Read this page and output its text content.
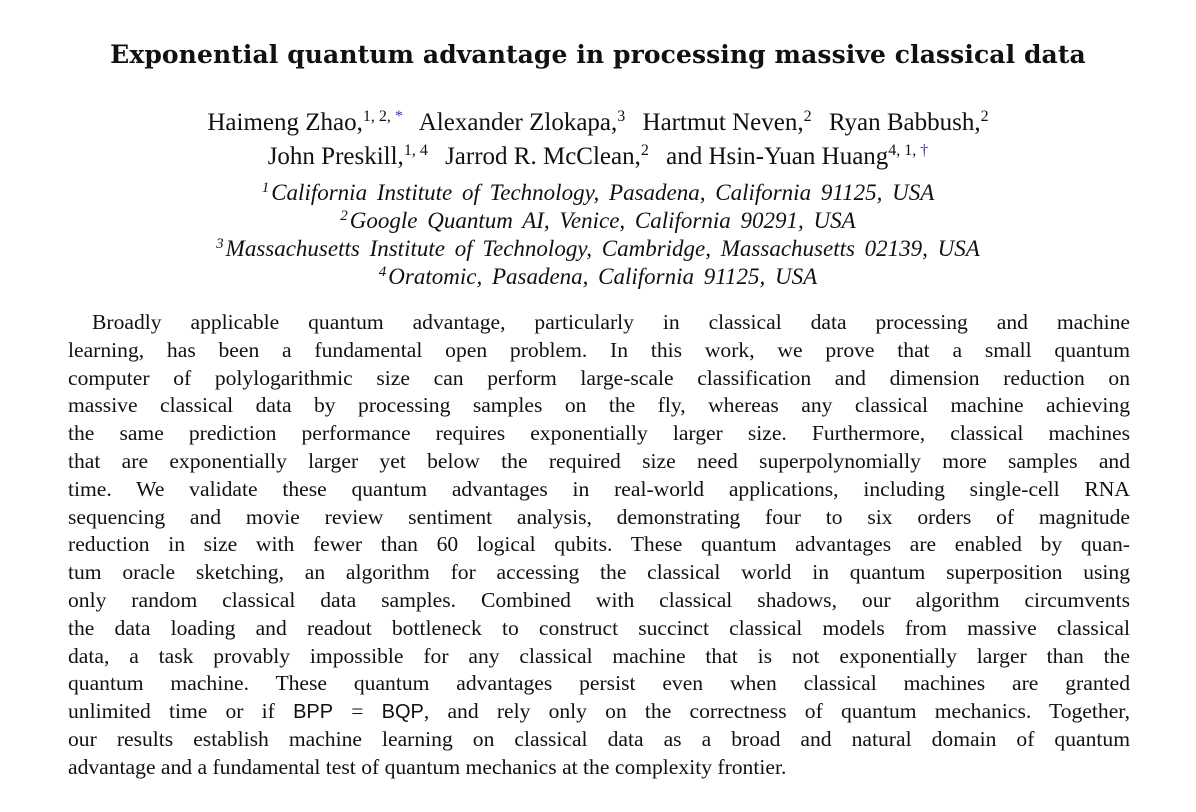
Exponential quantum advantage in processing massive classical data
Haimeng Zhao,$^{1, 2, *}$ Alexander Zlokapa,$^3$ Hartmut Neven,$^2$ Ryan Babbush,$^2$
John Preskill,$^{1, 4}$ Jarrod R. McClean,$^2$ and Hsin-Yuan Huang$^{4, 1, \dagger}$
$^1$California Institute of Technology, Pasadena, California 91125, USA
$^2$Google Quantum AI, Venice, California 90291, USA
$^3$Massachusetts Institute of Technology, Cambridge, Massachusetts 02139, USA
$^4$Oratomic, Pasadena, California 91125, USA
Broadly applicable quantum advantage, particularly in classical data processing and machine
learning, has been a fundamental open problem. In this work, we prove that a small quantum
computer of polylogarithmic size can perform large-scale classification and dimension reduction on
massive classical data by processing samples on the fly, whereas any classical machine achieving
the same prediction performance requires exponentially larger size. Furthermore, classical machines
that are exponentially larger yet below the required size need superpolynomially more samples and
time. We validate these quantum advantages in real-world applications, including single-cell RNA
sequencing and movie review sentiment analysis, demonstrating four to six orders of magnitude
reduction in size with fewer than 60 logical qubits. These quantum advantages are enabled by quan-
tum oracle sketching, an algorithm for accessing the classical world in quantum superposition using
only random classical data samples. Combined with classical shadows, our algorithm circumvents
the data loading and readout bottleneck to construct succinct classical models from massive classical
data, a task provably impossible for any classical machine that is not exponentially larger than the
quantum machine. These quantum advantages persist even when classical machines are granted
unlimited time or if BPP = BQP, and rely only on the correctness of quantum mechanics. Together,
our results establish machine learning on classical data as a broad and natural domain of quantum
advantage and a fundamental test of quantum mechanics at the complexity frontier.
